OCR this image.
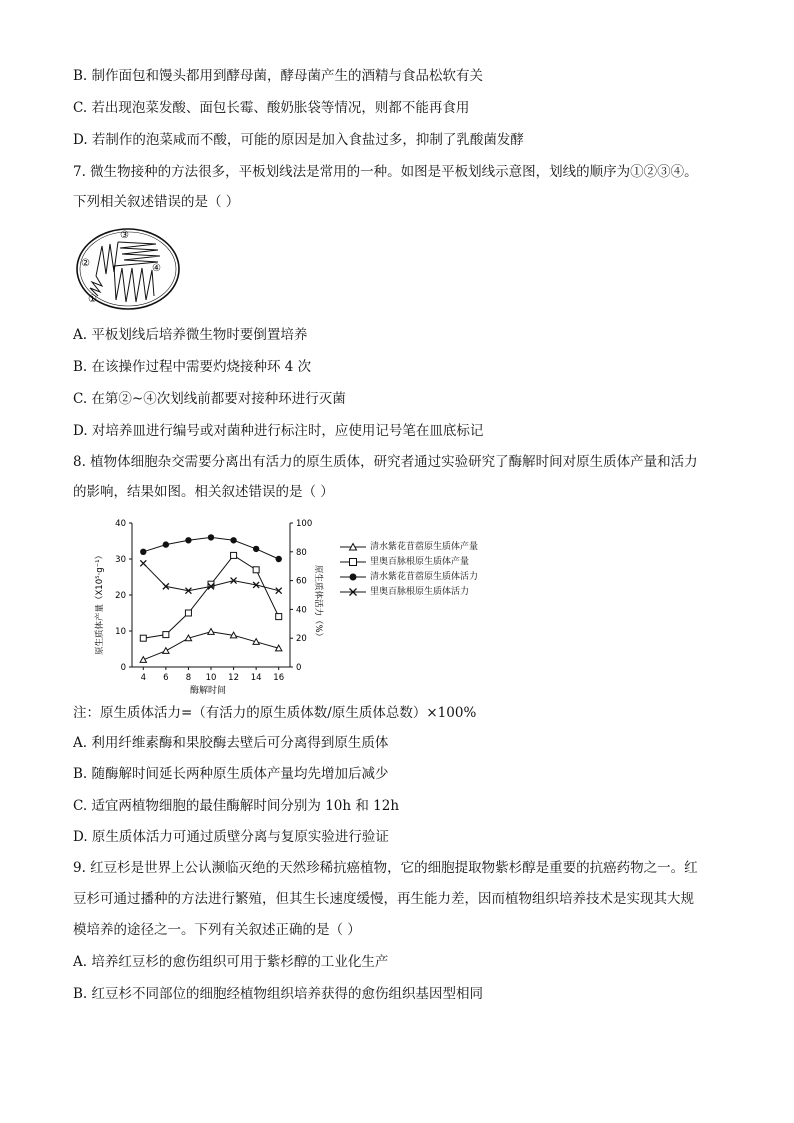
B. 制作面包和馒头都用到酵母菌，酵母菌产生的酒精与食品松软有关
C. 若出现泡菜发酸、面包长霉、酸奶胀袋等情况，则都不能再食用
D. 若制作的泡菜咸而不酸，可能的原因是加入食盐过多，抑制了乳酸菌发酵
7. 微生物接种的方法很多，平板划线法是常用的一种。如图是平板划线示意图，划线的顺序为①②③④。
下列相关叙述错误的是（ ）
①
②
③
④
A. 平板划线后培养微生物时要倒置培养
B. 在该操作过程中需要灼烧接种环 4 次
C. 在第②~④次划线前都要对接种环进行灭菌
D. 对培养皿进行编号或对菌种进行标注时，应使用记号笔在皿底标记
8. 植物体细胞杂交需要分离出有活力的原生质体，研究者通过实验研究了酶解时间对原生质体产量和活力
的影响，结果如图。相关叙述错误的是（ ）
0
10
20
30
40
0
20
40
60
80
100
4 6 8 10 12 14 16
酶解时间
原生质体产量（X10⁵·g⁻¹）	原生质体活力（%）
清水紫花苜蓿原生质体产量
里奥百脉根原生质体产量
清水紫花苜蓿原生质体活力
里奥百脉根原生质体活力
注：原生质体活力=（有活力的原生质体数/原生质体总数）×100%
A. 利用纤维素酶和果胶酶去壁后可分离得到原生质体
B. 随酶解时间延长两种原生质体产量均先增加后减少
C. 适宜两植物细胞的最佳酶解时间分别为 10h 和 12h
D. 原生质体活力可通过质壁分离与复原实验进行验证
9. 红豆杉是世界上公认濒临灭绝的天然珍稀抗癌植物，它的细胞提取物紫杉醇是重要的抗癌药物之一。红
豆杉可通过播种的方法进行繁殖，但其生长速度缓慢，再生能力差，因而植物组织培养技术是实现其大规
模培养的途径之一。下列有关叙述正确的是（ ）
A. 培养红豆杉的愈伤组织可用于紫杉醇的工业化生产
B. 红豆杉不同部位的细胞经植物组织培养获得的愈伤组织基因型相同
